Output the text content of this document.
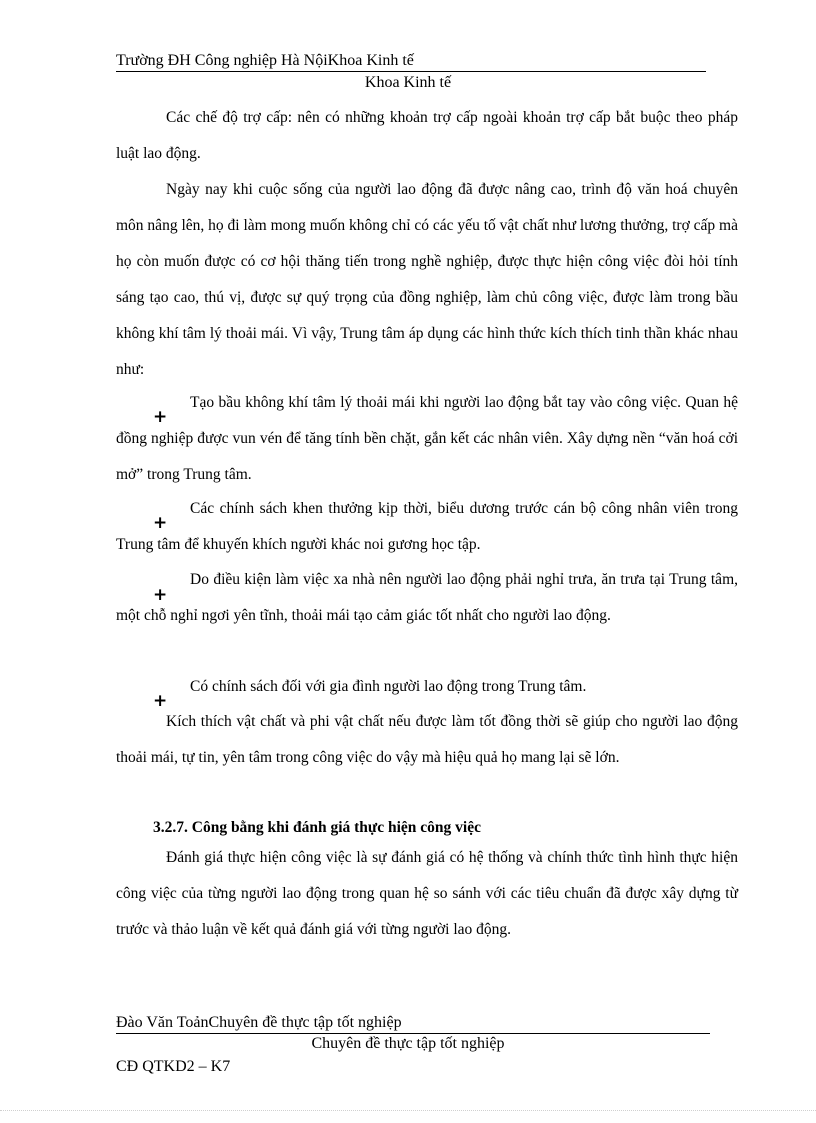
Trường ĐH Công nghiệp Hà NộiKhoa Kinh tế
Khoa Kinh tế
Các chế độ trợ cấp: nên có những khoản trợ cấp ngoài khoản trợ cấp bắt buộc theo pháp luật lao động.
Ngày nay khi cuộc sống của người lao động đã được nâng cao, trình độ văn hoá chuyên môn nâng lên, họ đi làm mong muốn không chỉ có các yếu tố vật chất như lương thưởng, trợ cấp mà họ còn muốn được có cơ hội thăng tiến trong nghề nghiệp, được thực hiện công việc đòi hỏi tính sáng tạo cao, thú vị, được sự quý trọng của đồng nghiệp, làm chủ công việc, được làm trong bầu không khí tâm lý thoải mái. Vì vậy, Trung tâm áp dụng các hình thức kích thích tinh thần khác nhau như:
+
Tạo bầu không khí tâm lý thoải mái khi người lao động bắt tay vào công việc. Quan hệ đồng nghiệp được vun vén để tăng tính bền chặt, gắn kết các nhân viên. Xây dựng nền “văn hoá cởi mở” trong Trung tâm.
+
Các chính sách khen thưởng kịp thời, biểu dương trước cán bộ công nhân viên trong Trung tâm để khuyến khích người khác noi gương học tập.
+
Do điều kiện làm việc xa nhà nên người lao động phải nghỉ trưa, ăn trưa tại Trung tâm, một chỗ nghỉ ngơi yên tĩnh, thoải mái tạo cảm giác tốt nhất cho người lao động.
+
Có chính sách đối với gia đình người lao động trong Trung tâm.
Kích thích vật chất và phi vật chất nếu được làm tốt đồng thời sẽ giúp cho người lao động thoải mái, tự tin, yên tâm trong công việc do vậy mà hiệu quả họ mang lại sẽ lớn.
3.2.7. Công bằng khi đánh giá thực hiện công việc
Đánh giá thực hiện công việc là sự đánh giá có hệ thống và chính thức tình hình thực hiện công việc của từng người lao động trong quan hệ so sánh với các tiêu chuẩn đã được xây dựng từ trước và thảo luận về kết quả đánh giá với từng người lao động.
Đào Văn ToảnChuyên đề thực tập tốt nghiệp
Chuyên đề thực tập tốt nghiệp
CĐ QTKD2 – K7
